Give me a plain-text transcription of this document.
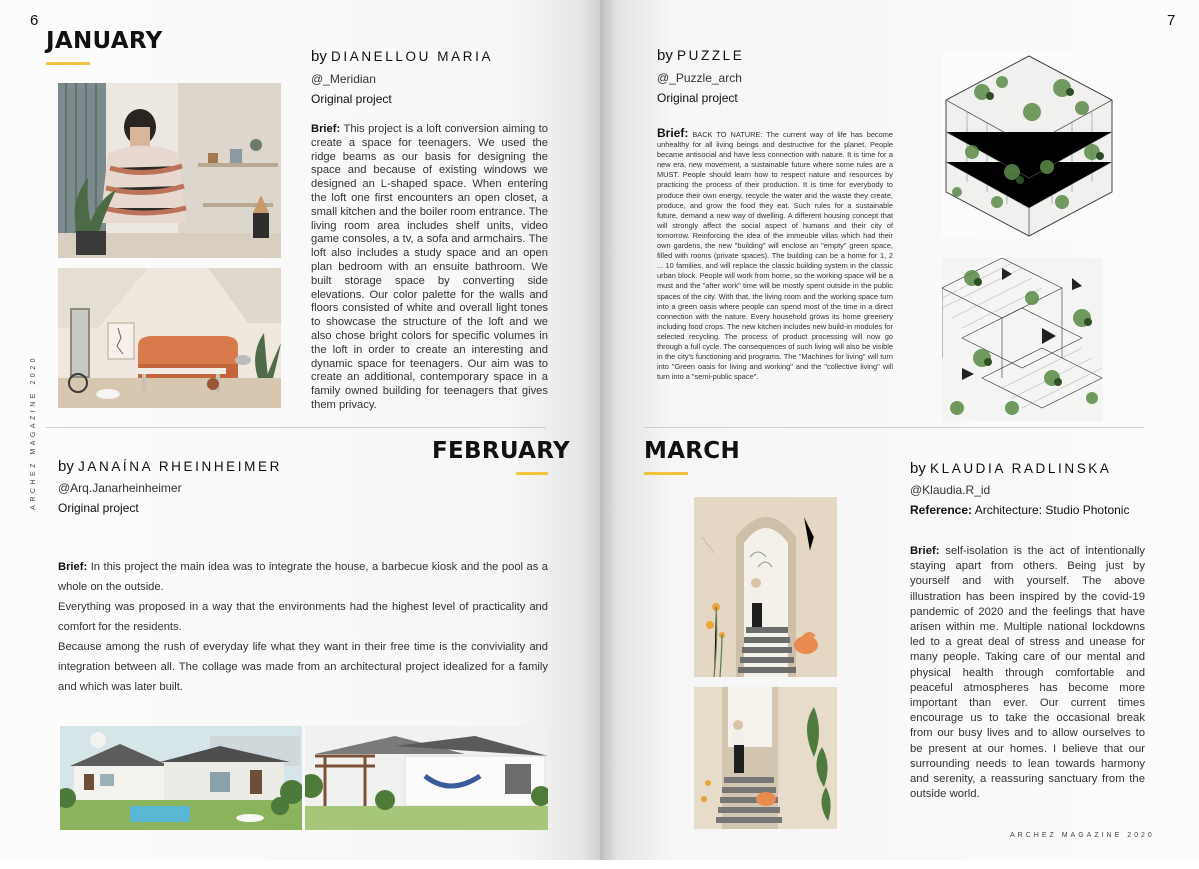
6
ARCHEZ MAGAZINE 2020
JANUARY
by DIANELLOU MARIA
@_Meridian
Original project
Brief: This project is a loft conversion aiming to create a space for teenagers. We used the ridge beams as our basis for designing the space and because of existing windows we designed an L-shaped space. When entering the loft one first encounters an open closet, a small kitchen and the boiler room entrance. The living room area includes shelf units, video game consoles, a tv, a sofa and armchairs. The loft also includes a study space and an open plan bedroom with an ensuite bathroom. We built storage space by converting side elevations. Our color palette for the walls and floors consisted of white and overall light tones to showcase the structure of the loft and we also chose bright colors for specific volumes in the loft in order to create an interesting and dynamic space for teenagers. Our aim was to create an additional, contemporary space in a family owned building for teenagers that gives them privacy.
FEBRUARY
by JANAÍNA RHEINHEIMER
@Arq.Janarheinheimer
Original project
Brief: In this project the main idea was to integrate the house, a barbecue kiosk and the pool as a whole on the outside.
Everything was proposed in a way that the environments had the highest level of practicality and comfort for the residents.
Because among the rush of everyday life what they want in their free time is the conviviality and integration between all. The collage was made from an architectural project idealized for a family and which was later built.
7
by PUZZLE
@_Puzzle_arch
Original project
Brief: BACK TO NATURE: The current way of life has become unhealthy for all living beings and destructive for the planet. People became antisocial and have less connection with nature. It is time for a new era, new movement, a sustainable future where some rules are a MUST. People should learn how to respect nature and resources by practicing the process of their production. It is time for everybody to produce their own energy, recycle the water and the waste they create, produce, and grow the food they eat. Such rules for a sustainable future, demand a new way of dwelling. A different housing concept that will strongly affect the social aspect of humans and their city of tomorrow. Reinforcing the idea of the immeuble villas which had their own gardens, the new "building" will enclose an "empty" green space, filled with rooms (private spaces). The building can be a home for 1, 2 ... 10 families, and will replace the classic building system in the classic urban block. People will work from home, so the working space will be a must and the "after work" time will be mostly spent outside in the public spaces of the city. With that, the living room and the working space turn into a green oasis where people can spend most of the time in a direct connection with the nature. Every household grows its home greenery including food crops. The new kitchen includes new build-in modules for selected recycling. The process of product processing will now go through a full cycle. The consequences of such living will also be visible in the city's functioning and programs. The "Machines for living" will turn into "Green oasis for living and working" and the "collective living" will turn into a "semi-public space".
MARCH
by KLAUDIA RADLINSKA
@Klaudia.R_id
Reference: Architecture: Studio Photonic
Brief: self-isolation is the act of intentionally staying apart from others. Being just by yourself and with yourself. The above illustration has been inspired by the covid-19 pandemic of 2020 and the feelings that have arisen within me. Multiple national lockdowns led to a great deal of stress and unease for many people. Taking care of our mental and physical health through comfortable and peaceful atmospheres has become more important than ever. Our current times encourage us to take the occasional break from our busy lives and to allow ourselves to be present at our homes. I believe that our surrounding needs to lean towards harmony and serenity, a reassuring sanctuary from the outside world.
ARCHEZ MAGAZINE 2020
